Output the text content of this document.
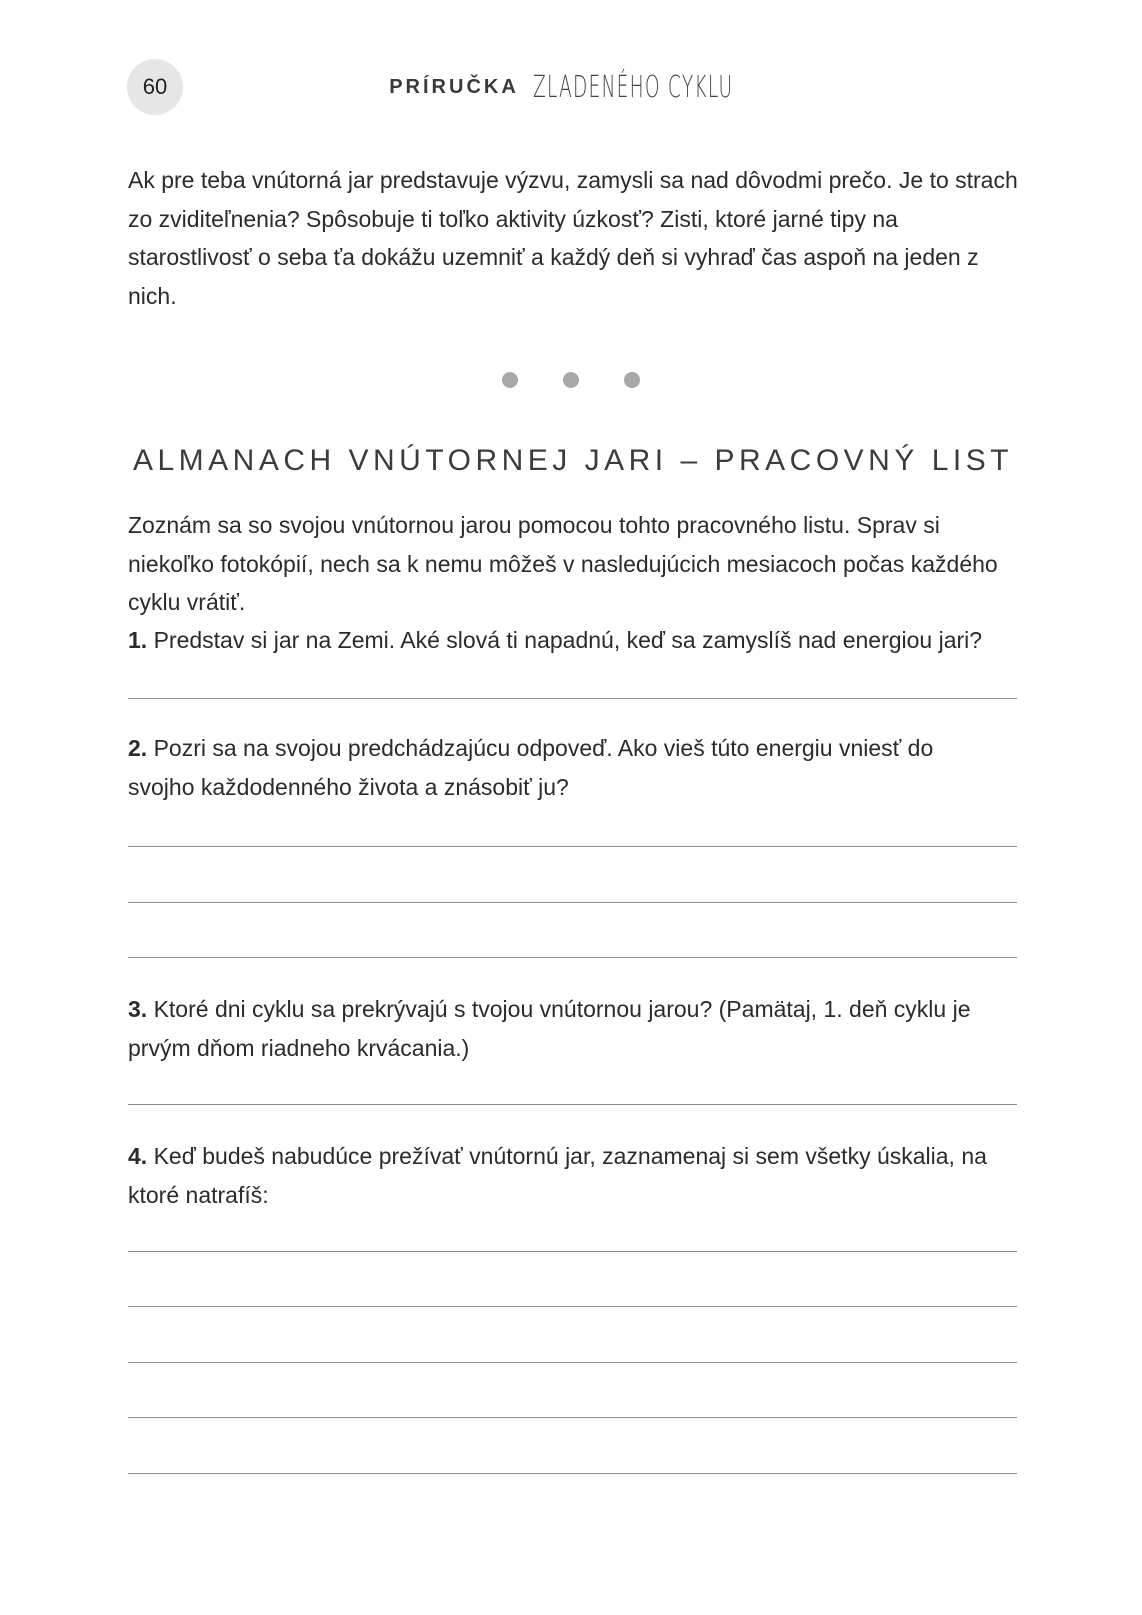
60	PRÍRUČKA ZLADENÉHO CYKLU

Ak pre teba vnútorná jar predstavuje výzvu, zamysli sa nad dôvodmi prečo. Je to strach zo zviditeľnenia? Spôsobuje ti toľko aktivity úzkosť? Zisti, ktoré jarné tipy na starostlivosť o seba ťa dokážu uzemniť a každý deň si vyhraď čas aspoň na jeden z nich.

ALMANACH VNÚTORNEJ JARI – PRACOVNÝ LIST

Zoznám sa so svojou vnútornou jarou pomocou tohto pracovného listu. Sprav si niekoľko fotokópií, nech sa k nemu môžeš v nasledujúcich mesiacoch počas každého cyklu vrátiť.

1. Predstav si jar na Zemi. Aké slová ti napadnú, keď sa zamyslíš nad energiou jari?

2. Pozri sa na svojou predchádzajúcu odpoveď. Ako vieš túto energiu vniesť do svojho každodenného života a znásobiť ju?

3. Ktoré dni cyklu sa prekrývajú s tvojou vnútornou jarou? (Pamätaj, 1. deň cyklu je prvým dňom riadneho krvácania.)

4. Keď budeš nabudúce prežívať vnútornú jar, zaznamenaj si sem všetky úskalia, na ktoré natrafíš:
